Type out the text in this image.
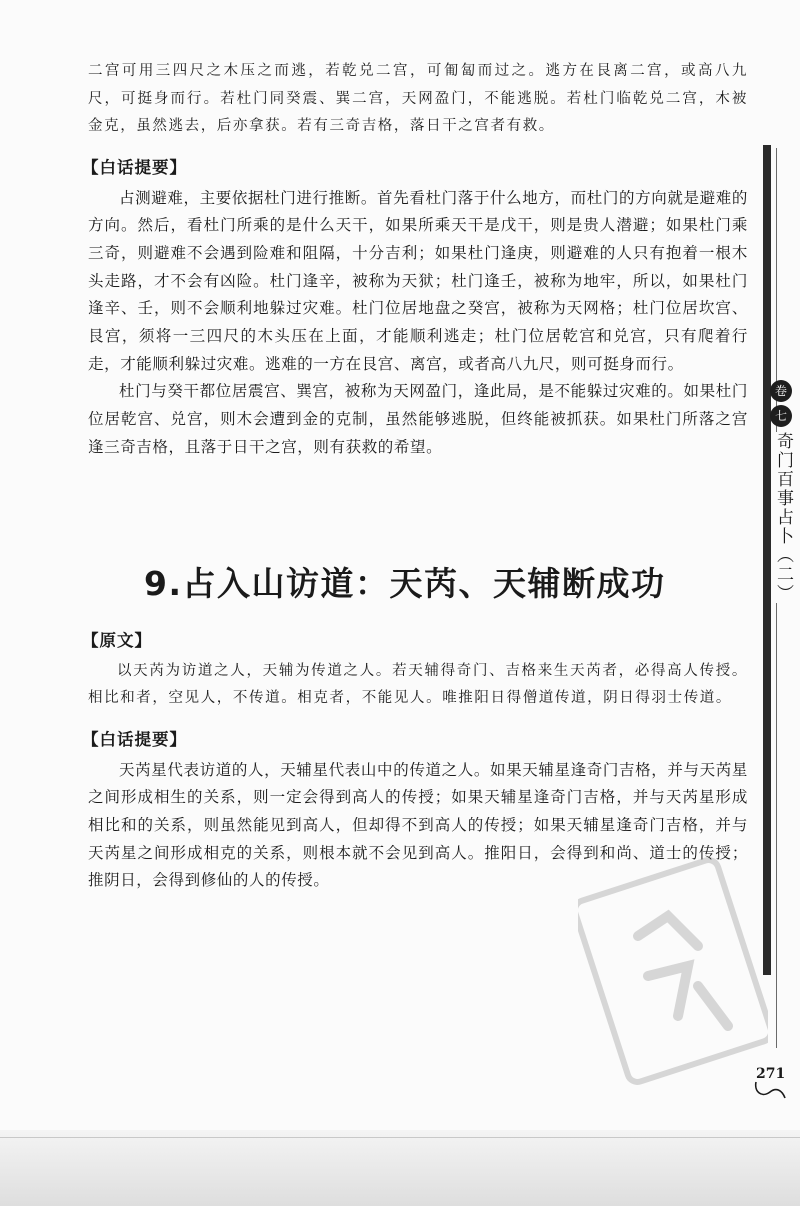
二宫可用三四尺之木压之而逃，若乾兑二宫，可匍匐而过之。逃方在艮离二宫，或高八九尺，可挺身而行。若杜门同癸震、巽二宫，天网盈门，不能逃脱。若杜门临乾兑二宫，木被金克，虽然逃去，后亦拿获。若有三奇吉格，落日干之宫者有救。

【白话提要】

占测避难，主要依据杜门进行推断。首先看杜门落于什么地方，而杜门的方向就是避难的方向。然后，看杜门所乘的是什么天干，如果所乘天干是戊干，则是贵人潜避；如果杜门乘三奇，则避难不会遇到险难和阻隔，十分吉利；如果杜门逢庚，则避难的人只有抱着一根木头走路，才不会有凶险。杜门逢辛，被称为天狱；杜门逢壬，被称为地牢，所以，如果杜门逢辛、壬，则不会顺利地躲过灾难。杜门位居地盘之癸宫，被称为天网格；杜门位居坎宫、艮宫，须将一三四尺的木头压在上面，才能顺利逃走；杜门位居乾宫和兑宫，只有爬着行走，才能顺利躲过灾难。逃难的一方在艮宫、离宫，或者高八九尺，则可挺身而行。

杜门与癸干都位居震宫、巽宫，被称为天网盈门，逢此局，是不能躲过灾难的。如果杜门位居乾宫、兑宫，则木会遭到金的克制，虽然能够逃脱，但终能被抓获。如果杜门所落之宫逢三奇吉格，且落于日干之宫，则有获救的希望。

9.占入山访道：天芮、天辅断成功
【原文】

以天芮为访道之人，天辅为传道之人。若天辅得奇门、吉格来生天芮者，必得高人传授。相比和者，空见人，不传道。相克者，不能见人。唯推阳日得僧道传道，阴日得羽士传道。

【白话提要】

天芮星代表访道的人，天辅星代表山中的传道之人。如果天辅星逢奇门吉格，并与天芮星之间形成相生的关系，则一定会得到高人的传授；如果天辅星逢奇门吉格，并与天芮星形成相比和的关系，则虽然能见到高人，但却得不到高人的传授；如果天辅星逢奇门吉格，并与天芮星之间形成相克的关系，则根本就不会见到高人。推阳日，会得到和尚、道士的传授；推阴日，会得到修仙的人的传授。

卷
七
奇门百事占卜（二）
271
